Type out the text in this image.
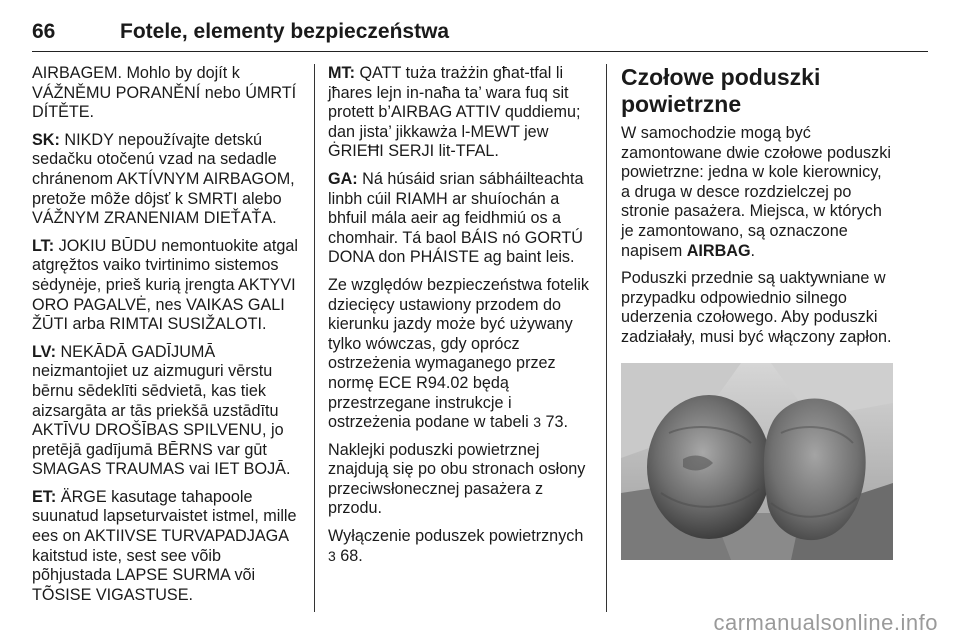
66	Fotele, elementy bezpieczeństwa

AIRBAGEM. Mohlo by dojít k VÁŽNĚMU PORANĚNÍ nebo ÚMRTÍ DÍTĚTE.

SK: NIKDY nepoužívajte detskú sedačku otočenú vzad na sedadle chránenom AKTÍVNYM AIRBAGOM, pretože môže dôjsť k SMRTI alebo VÁŽNYM ZRANENIAM DIEŤAŤA.

LT: JOKIU BŪDU nemontuokite atgal atgręžtos vaiko tvirtinimo sistemos sėdynėje, prieš kurią įrengta AKTYVI ORO PAGALVĖ, nes VAIKAS GALI ŽŪTI arba RIMTAI SUSIŽALOTI.

LV: NEKĀDĀ GADĪJUMĀ neizmantojiet uz aizmuguri vērstu bērnu sēdeklīti sēdvietā, kas tiek aizsargāta ar tās priekšā uzstādītu AKTĪVU DROŠĪBAS SPILVENU, jo pretējā gadījumā BĒRNS var gūt SMAGAS TRAUMAS vai IET BOJĀ.

ET: ÄRGE kasutage tahapoole suunatud lapseturvaistet istmel, mille ees on AKTIIVSE TURVAPADJAGA kaitstud iste, sest see võib põhjustada LAPSE SURMA või TÕSISE VIGASTUSE.

MT: QATT tuża trażżin għat-tfal li jħares lejn in-naħa ta’ wara fuq sit protett b’AIRBAG ATTIV quddiemu; dan jista’ jikkawża l-MEWT jew ĠRIEĦI SERJI lit-TFAL.

GA: Ná húsáid srian sábháilteachta linbh cúil RIAMH ar shuíochán a bhfuil mála aeir ag feidhmiú os a chomhair. Tá baol BÁIS nó GORTÚ DONA don PHÁISTE ag baint leis.

Ze względów bezpieczeństwa fotelik dziecięcy ustawiony przodem do kierunku jazdy może być używany tylko wówczas, gdy oprócz ostrzeżenia wymaganego przez normę ECE R94.02 będą przestrzegane instrukcje i ostrzeżenia podane w tabeli 3 73.

Naklejki poduszki powietrznej znajdują się po obu stronach osłony przeciwsłonecznej pasażera z przodu.

Wyłączenie poduszek powietrznych
3 68.

Czołowe poduszki powietrzne

W samochodzie mogą być zamontowane dwie czołowe poduszki powietrzne: jedna w kole kierownicy, a druga w desce rozdzielczej po stronie pasażera. Miejsca, w których je zamontowano, są oznaczone napisem AIRBAG.

Poduszki przednie są uaktywniane w przypadku odpowiednio silnego uderzenia czołowego. Aby poduszki zadziałały, musi być włączony zapłon.

carmanualsonline.info
